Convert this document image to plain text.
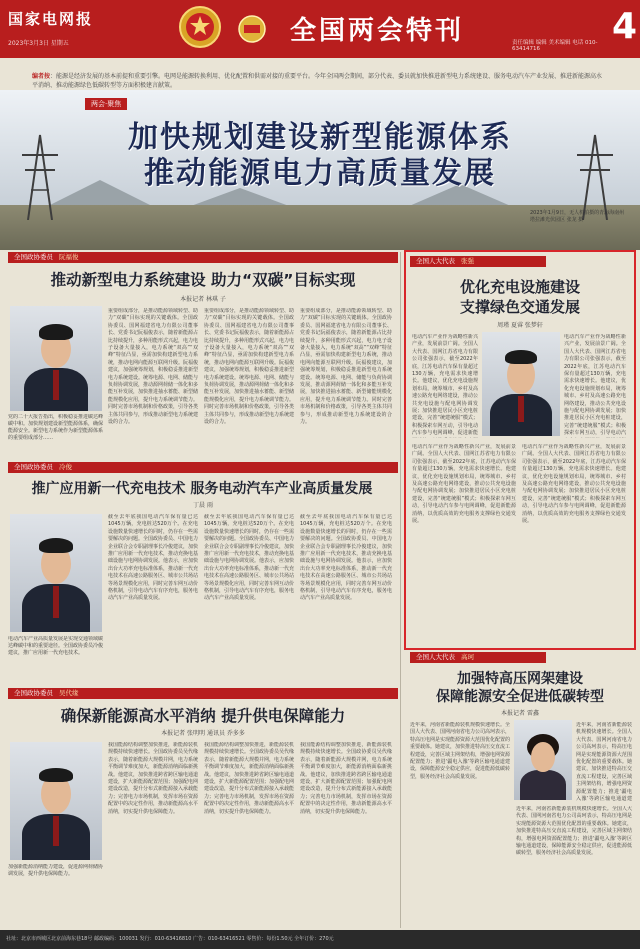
国家电网报
2023年3月3日 星期五	全国两会特刊	4
责任编辑 编辑 美术编辑 电话 010-63414716
编者按：能源是经济发展的基本前提和重要引擎。电网是能源转换利用、优化配置和供需对接的重要平台。今年全国两会期间，部分代表、委员就加快推进新型电力系统建设、服务电动汽车产业发展、推进新能源高水平消纳、推动能源绿色低碳转型等方面积极建言献策。
两会·聚焦
加快规划建设新型能源体系
推动能源电力高质量发展
2023年1月9日，无人机拍摄的青海海南州塔拉滩光伏园区 张龙 摄
全国政协委员 阮福俊
推动新型电力系统建设 助力“双碳”目标实现
本报记者 林琪 子
党的二十大报告指出，积极稳妥推进碳达峰碳中和。加快规划建设新型能源体系，确保能源安全。新型电力系统作为新型能源体系的重要组成部分……
重要组成部分，是推动能源领域转型、助力“双碳”目标实现的关键载体。全国政协委员、国网福建省电力有限公司董事长、党委书记阮福俊表示，随着新能源占比持续提升，多种用能形式兴起，电力电子设备大量接入，电力系统“双高”“双峰”特征凸显，亟需加快构建新型电力系统，推动电网向能源互联网升级。阮福俊建议，加强统筹规划，积极稳妥推进新型电力系统建设。统筹电源、电网、储能与负荷协调发展，推动源网荷储一体化和多能互补发展，加快推进抽水蓄能、新型储能规模化应用，提升电力系统调节能力。同时完善市场机制和价格政策，引导各类主体共同参与，形成推动新型电力系统建设的合力。
重要组成部分，是推动能源领域转型、助力“双碳”目标实现的关键载体。全国政协委员、国网福建省电力有限公司董事长、党委书记阮福俊表示，随着新能源占比持续提升，多种用能形式兴起，电力电子设备大量接入，电力系统“双高”“双峰”特征凸显，亟需加快构建新型电力系统，推动电网向能源互联网升级。阮福俊建议，加强统筹规划，积极稳妥推进新型电力系统建设。统筹电源、电网、储能与负荷协调发展，推动源网荷储一体化和多能互补发展，加快推进抽水蓄能、新型储能规模化应用，提升电力系统调节能力。同时完善市场机制和价格政策，引导各类主体共同参与，形成推动新型电力系统建设的合力。
重要组成部分，是推动能源领域转型、助力“双碳”目标实现的关键载体。全国政协委员、国网福建省电力有限公司董事长、党委书记阮福俊表示，随着新能源占比持续提升，多种用能形式兴起，电力电子设备大量接入，电力系统“双高”“双峰”特征凸显，亟需加快构建新型电力系统，推动电网向能源互联网升级。阮福俊建议，加强统筹规划，积极稳妥推进新型电力系统建设。统筹电源、电网、储能与负荷协调发展，推动源网荷储一体化和多能互补发展，加快推进抽水蓄能、新型储能规模化应用，提升电力系统调节能力。同时完善市场机制和价格政策，引导各类主体共同参与，形成推动新型电力系统建设的合力。
全国政协委员 冷俊
推广应用新一代充电技术 服务电动汽车产业高质量发展
丁晨 雨
电动汽车产业高质量发展是实现交通领域碳达峰碳中和的重要途径。全国政协委员冷俊建议，推广应用新一代充电技术。
截至去年底我国电动汽车保有量已达1045万辆，充电桩达520万个。在充电设施数量快速增长的同时，仍存在一些需要解决的问题。全国政协委员、中国电力企业联合会专职副理事长冷俊建议，加快推广应用新一代充电技术，推动充换电基础设施与电网协调发展。他表示，应加快出台大功率充电标准体系，推动新一代充电技术在高速公路服务区、城市公共场站等场景规模化应用，同时完善车网互动价格机制，引导电动汽车有序充电，服务电动汽车产业高质量发展。
截至去年底我国电动汽车保有量已达1045万辆，充电桩达520万个。在充电设施数量快速增长的同时，仍存在一些需要解决的问题。全国政协委员、中国电力企业联合会专职副理事长冷俊建议，加快推广应用新一代充电技术，推动充换电基础设施与电网协调发展。他表示，应加快出台大功率充电标准体系，推动新一代充电技术在高速公路服务区、城市公共场站等场景规模化应用，同时完善车网互动价格机制，引导电动汽车有序充电，服务电动汽车产业高质量发展。
截至去年底我国电动汽车保有量已达1045万辆，充电桩达520万个。在充电设施数量快速增长的同时，仍存在一些需要解决的问题。全国政协委员、中国电力企业联合会专职副理事长冷俊建议，加快推广应用新一代充电技术，推动充换电基础设施与电网协调发展。他表示，应加快出台大功率充电标准体系，推动新一代充电技术在高速公路服务区、城市公共场站等场景规模化应用，同时完善车网互动价格机制，引导电动汽车有序充电，服务电动汽车产业高质量发展。
全国政协委员 吴代缘
确保新能源高水平消纳 提升供电保障能力
本报记者 张明明 通讯员 乔多多
加强新能源消纳能力建设，促进源网荷储协调发展，提升供电保障能力。
我国能源结构调整加快推进，新能源装机规模持续快速增长。全国政协委员吴代缘表示，随着新能源大规模并网，电力系统平衡调节难度加大，新能源消纳面临新挑战。他建议，加快推进跨省跨区输电通道建设，扩大新能源配置范围；加强配电网建设改造，提升分布式新能源接入承载能力；完善电力市场机制，发挥市场在资源配置中的决定性作用，推动新能源高水平消纳，切实提升供电保障能力。
我国能源结构调整加快推进，新能源装机规模持续快速增长。全国政协委员吴代缘表示，随着新能源大规模并网，电力系统平衡调节难度加大，新能源消纳面临新挑战。他建议，加快推进跨省跨区输电通道建设，扩大新能源配置范围；加强配电网建设改造，提升分布式新能源接入承载能力；完善电力市场机制，发挥市场在资源配置中的决定性作用，推动新能源高水平消纳，切实提升供电保障能力。
我国能源结构调整加快推进，新能源装机规模持续快速增长。全国政协委员吴代缘表示，随着新能源大规模并网，电力系统平衡调节难度加大，新能源消纳面临新挑战。他建议，加快推进跨省跨区输电通道建设，扩大新能源配置范围；加强配电网建设改造，提升分布式新能源接入承载能力；完善电力市场机制，发挥市场在资源配置中的决定性作用，推动新能源高水平消纳，切实提升供电保障能力。
全国人大代表 张强
优化充电设施建设
支撑绿色交通发展
周瑾 夏睿 张梦轩
电动汽车产业作为战略性新兴产业，发展前景广阔。全国人大代表、国网江苏省电力有限公司张强表示，截至2022年底，江苏电动汽车保有量超过130万辆，充电需求快速增长。他建议，优化充电设施规划布局，统筹城市、乡村及高速公路充电网络建设，推动公共充电设施与配电网协调发展；加快推进居民小区充电桩建设，完善“统建统服”模式；积极探索车网互动，引导电动汽车参与电网调峰，促进新能
电动汽车产业作为战略性新兴产业，发展前景广阔。全国人大代表、国网江苏省电力有限公司张强表示，截至2022年底，江苏电动汽车保有量超过130万辆，充电需求快速增长。他建议，优化充电设施规划布局，统筹城市、乡村及高速公路充电网络建设，推动公共充电设施与配电网协调发展；加快推进居民小区充电桩建设，完善“统建统服”模式；积极探索车网互动，引导电动汽
电动汽车产业作为战略性新兴产业，发展前景广阔。全国人大代表、国网江苏省电力有限公司张强表示，截至2022年底，江苏电动汽车保有量超过130万辆，充电需求快速增长。他建议，优化充电设施规划布局，统筹城市、乡村及高速公路充电网络建设，推动公共充电设施与配电网协调发展；加快推进居民小区充电桩建设，完善“统建统服”模式；积极探索车网互动，引导电动汽车参与电网调峰，促进新能源消纳，以优质高效的充电服务支撑绿色交通发展。
电动汽车产业作为战略性新兴产业，发展前景广阔。全国人大代表、国网江苏省电力有限公司张强表示，截至2022年底，江苏电动汽车保有量超过130万辆，充电需求快速增长。他建议，优化充电设施规划布局，统筹城市、乡村及高速公路充电网络建设，推动公共充电设施与配电网协调发展；加快推进居民小区充电桩建设，完善“统建统服”模式；积极探索车网互动，引导电动汽车参与电网调峰，促进新能源消纳，以优质高效的充电服务支撑绿色交通发展。
全国人大代表 高珂
加强特高压网架建设
保障能源安全促进低碳转型
本报记者 雷鑫
近年来，河南省新能源装机规模快速增长。全国人大代表、国网河南省电力公司高珂表示，特高压电网是实现能源资源大范围优化配置的重要载体。她建议，加快推进特高压交直流工程建设，完善区域主网架结构，增强电网资源配置能力；推进‘疆电入豫’等跨区输电通道建设，保障能源安全稳定供应，促进能源低碳转型，服务经济社会高质量发展。
近年来，河南省新能源装机规模快速增长。全国人大代表、国网河南省电力公司高珂表示，特高压电网是实现能源资源大范围优化配置的重要载体。她建议，加快推进特高压交直流工程建设，完善区域主网架结构，增强电网资源配置能力；推进‘疆电入豫’等跨区输电通道建
近年来，河南省新能源装机规模快速增长。全国人大代表、国网河南省电力公司高珂表示，特高压电网是实现能源资源大范围优化配置的重要载体。她建议，加快推进特高压交直流工程建设，完善区域主网架结构，增强电网资源配置能力；推进‘疆电入豫’等跨区输电通道建设，保障能源安全稳定供应，促进能源低碳转型，服务经济社会高质量发展。
社址：北京市西城区北京前海东巷18号 邮政编码：100031 发行：010-63416810 广告：010-63416521 零售价：每份1.50元 全年订价：270元
